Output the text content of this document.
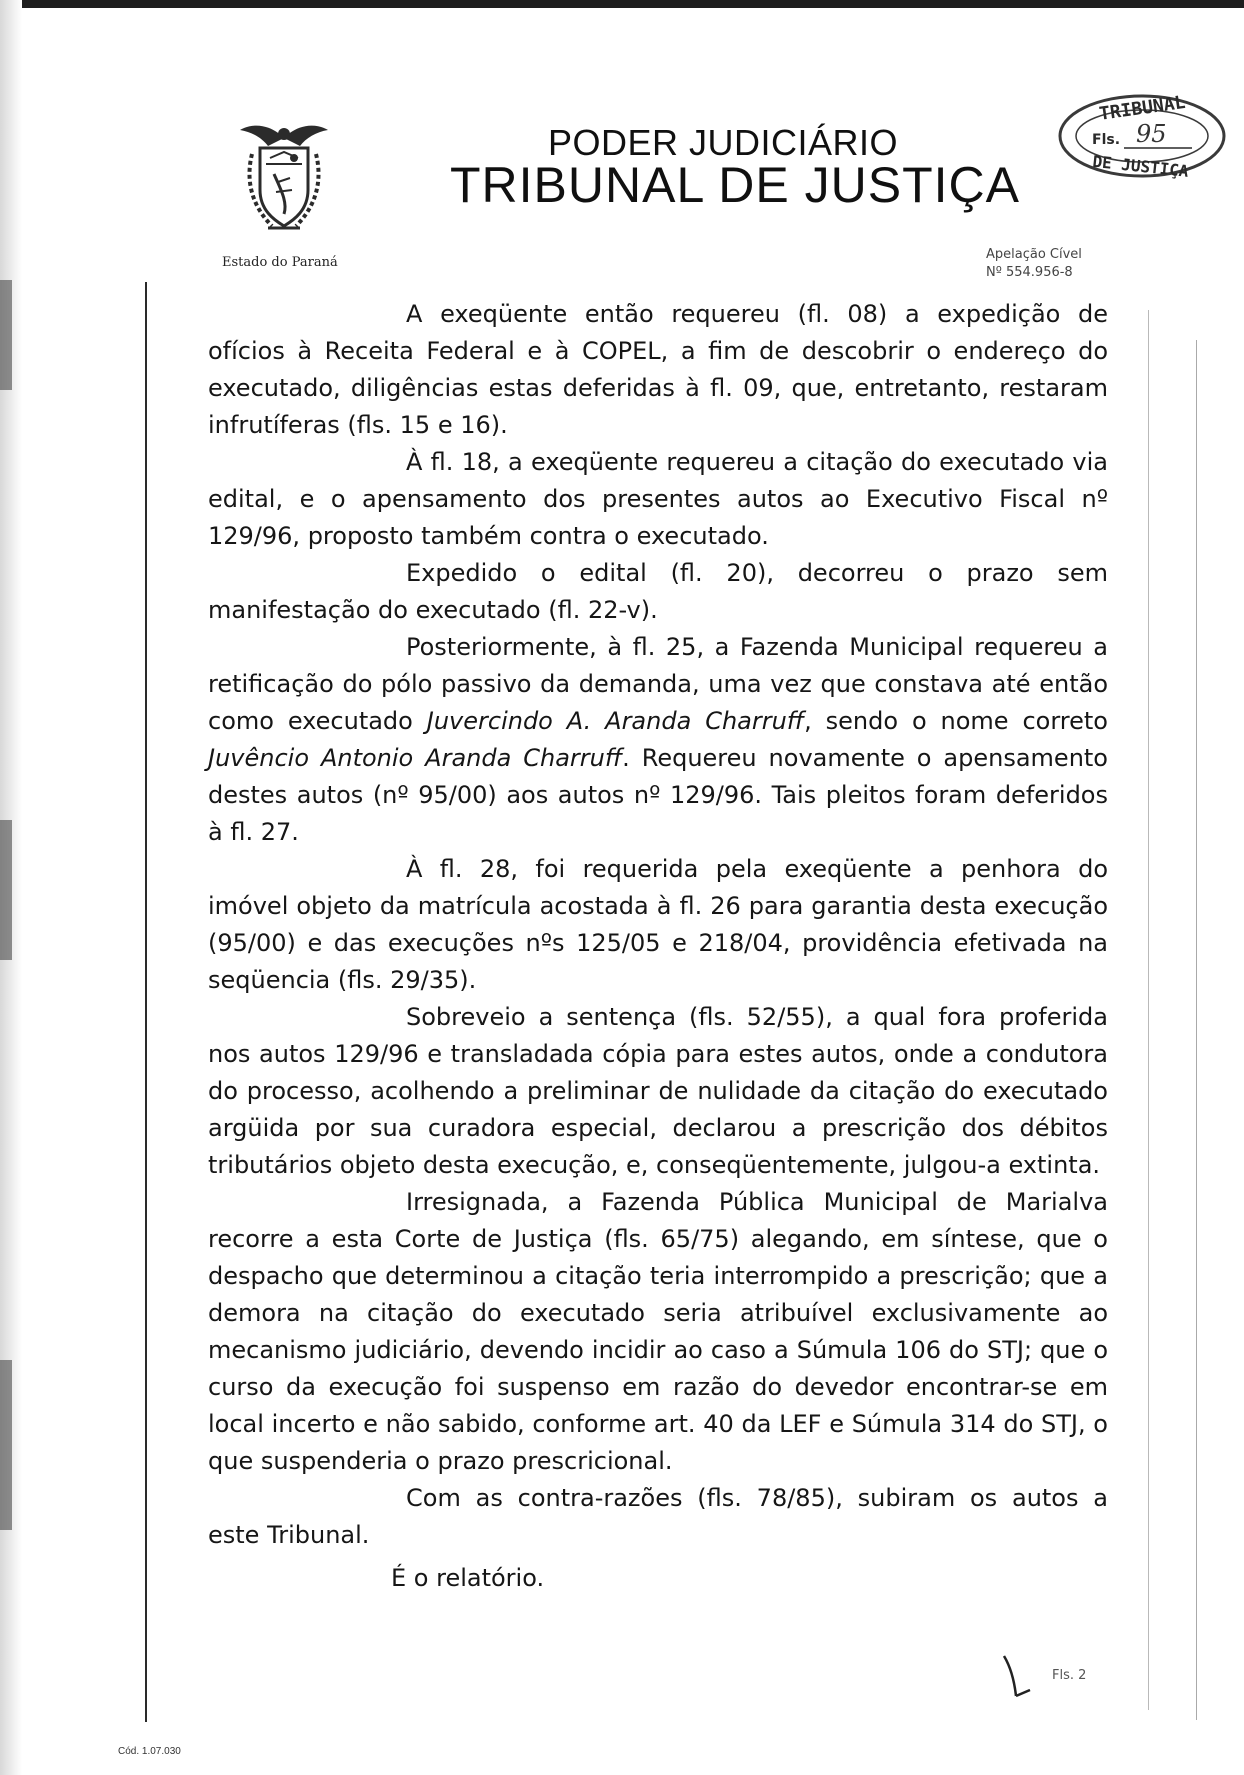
PODER JUDICIÁRIO
TRIBUNAL DE JUSTIÇA
Estado do Paraná
Apelação Cível
Nº 554.956-8
TRIBUNAL
DE JUSTIÇA
Fls. 95

A exeqüente então requereu (fl. 08) a expedição de ofícios à Receita Federal e à COPEL, a fim de descobrir o endereço do executado, diligências estas deferidas à fl. 09, que, entretanto, restaram infrutíferas (fls. 15 e 16).

À fl. 18, a exeqüente requereu a citação do executado via edital, e o apensamento dos presentes autos ao Executivo Fiscal nº 129/96, proposto também contra o executado.

Expedido o edital (fl. 20), decorreu o prazo sem manifestação do executado (fl. 22-v).

Posteriormente, à fl. 25, a Fazenda Municipal requereu a retificação do pólo passivo da demanda, uma vez que constava até então como executado Juvercindo A. Aranda Charruff, sendo o nome correto Juvêncio Antonio Aranda Charruff. Requereu novamente o apensamento destes autos (nº 95/00) aos autos nº 129/96. Tais pleitos foram deferidos à fl. 27.

À fl. 28, foi requerida pela exeqüente a penhora do imóvel objeto da matrícula acostada à fl. 26 para garantia desta execução (95/00) e das execuções nºs 125/05 e 218/04, providência efetivada na seqüencia (fls. 29/35).

Sobreveio a sentença (fls. 52/55), a qual fora proferida nos autos 129/96 e transladada cópia para estes autos, onde a condutora do processo, acolhendo a preliminar de nulidade da citação do executado argüida por sua curadora especial, declarou a prescrição dos débitos tributários objeto desta execução, e, conseqüentemente, julgou-a extinta.

Irresignada, a Fazenda Pública Municipal de Marialva recorre a esta Corte de Justiça (fls. 65/75) alegando, em síntese, que o despacho que determinou a citação teria interrompido a prescrição; que a demora na citação do executado seria atribuível exclusivamente ao mecanismo judiciário, devendo incidir ao caso a Súmula 106 do STJ; que o curso da execução foi suspenso em razão do devedor encontrar-se em local incerto e não sabido, conforme art. 40 da LEF e Súmula 314 do STJ, o que suspenderia o prazo prescricional.

Com as contra-razões (fls. 78/85), subiram os autos a este Tribunal.

É o relatório.

Fls. 2
Cód. 1.07.030
